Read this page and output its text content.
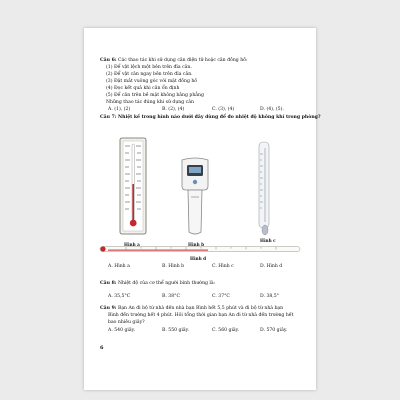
Câu 6: Các thao tác khi sử dụng cân điện tử hoặc cân đồng hồ:
(1) Để vật lệch một bên trên đĩa cân.
(2) Để vật cân ngay bên trên đĩa cân.
(3) Đặt mắt vuông góc với mặt đồng hồ
(4) Đọc kết quả khi cân ổn định
(5) Để cân trên bề mặt không bằng phẳng
Những thao tác đúng khi sử dụng cân
A. (1), (2)	B. (2), (4)	C. (3), (4)	D. (4), (5).
Câu 7: Nhiệt kế trong hình nào dưới đây dùng để đo nhiệt độ không khí trong phòng?
Hình a	Hình b
Hình c
Hình d
A. Hình a	B. Hình b	C. Hình c	D. Hình d
Câu 8: Nhiệt độ của cơ thể người bình thường là:
A. 35,5°C	B. 38°C	C. 37°C	D. 38,5°
Câu 9: Bạn An đi bộ từ nhà đến nhà bạn Bình hết 5,5 phút và đi bộ từ nhà bạn
Bình đến trường hết 4 phút. Hỏi tổng thời gian bạn An đi từ nhà đến trường hết
bao nhiêu giây?
A. 540 giây.	B. 550 giây.	C. 560 giây.	D. 570 giây.
6
